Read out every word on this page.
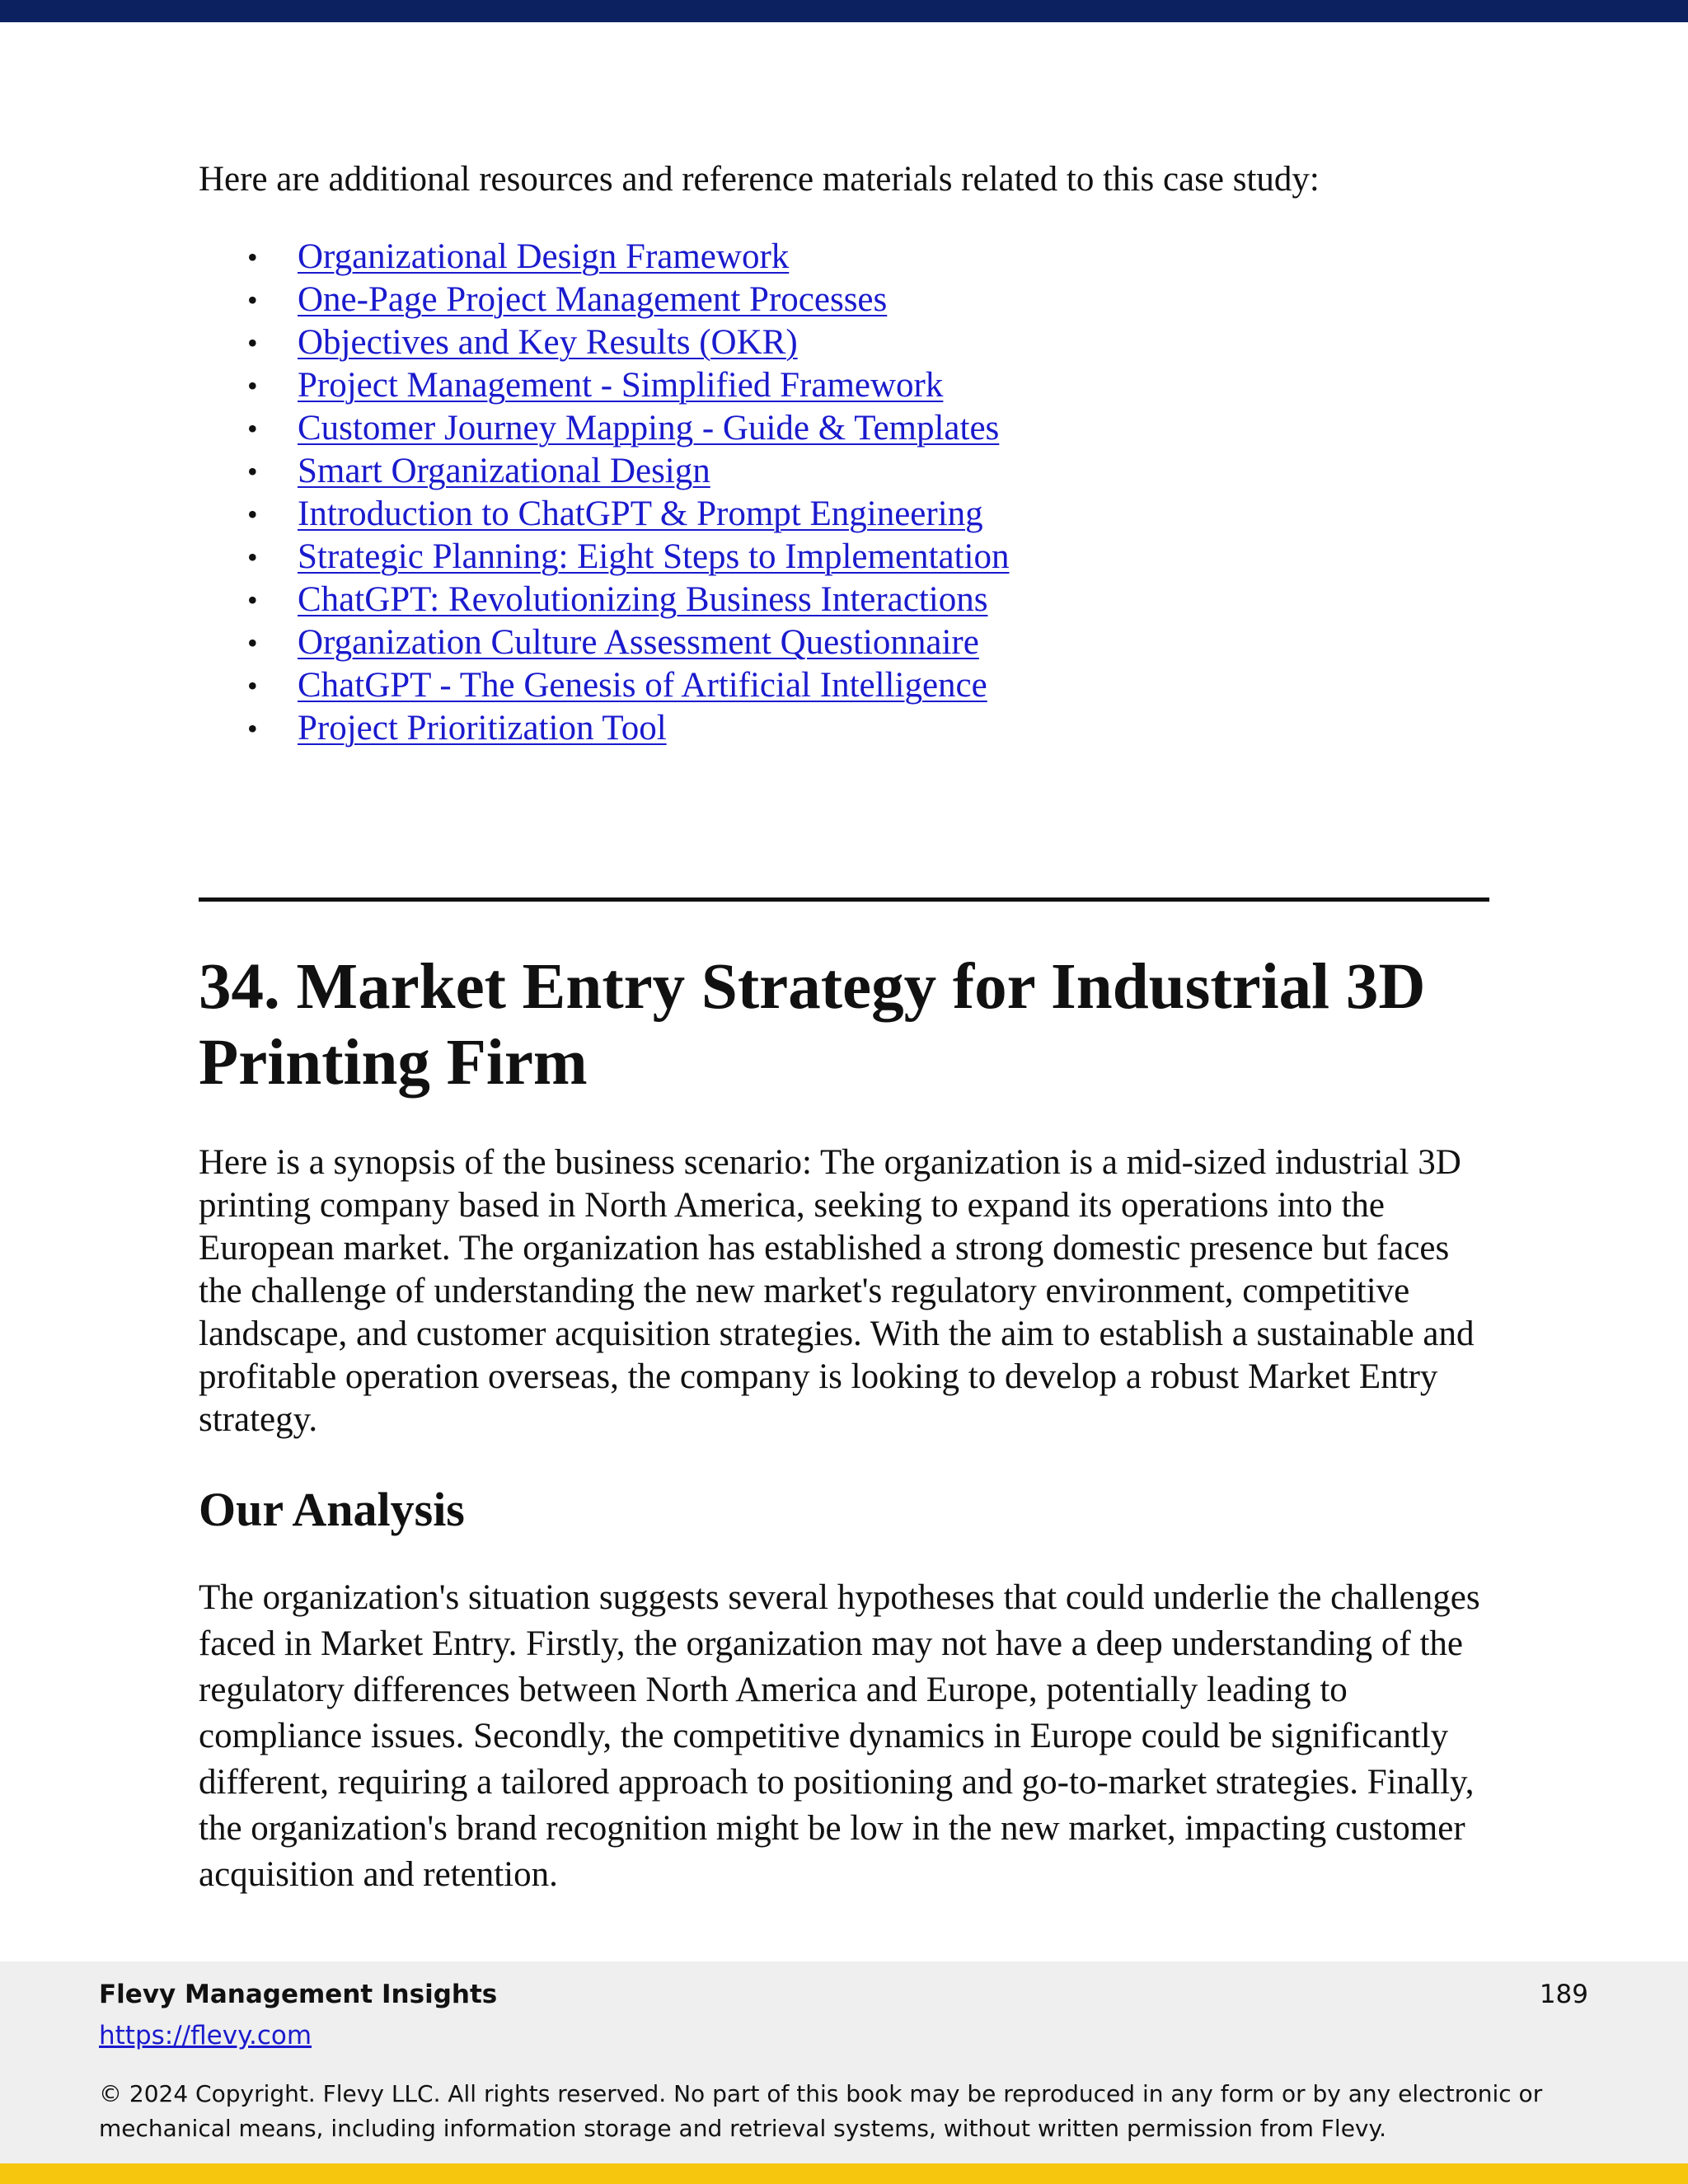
Here are additional resources and reference materials related to this case study:

• Organizational Design Framework
• One-Page Project Management Processes
• Objectives and Key Results (OKR)
• Project Management - Simplified Framework
• Customer Journey Mapping - Guide & Templates
• Smart Organizational Design
• Introduction to ChatGPT & Prompt Engineering
• Strategic Planning: Eight Steps to Implementation
• ChatGPT: Revolutionizing Business Interactions
• Organization Culture Assessment Questionnaire
• ChatGPT - The Genesis of Artificial Intelligence
• Project Prioritization Tool
34. Market Entry Strategy for Industrial 3D Printing Firm

Here is a synopsis of the business scenario: The organization is a mid-sized industrial 3D printing company based in North America, seeking to expand its operations into the European market. The organization has established a strong domestic presence but faces the challenge of understanding the new market's regulatory environment, competitive landscape, and customer acquisition strategies. With the aim to establish a sustainable and profitable operation overseas, the company is looking to develop a robust Market Entry strategy.

Our Analysis

The organization's situation suggests several hypotheses that could underlie the challenges faced in Market Entry. Firstly, the organization may not have a deep understanding of the regulatory differences between North America and Europe, potentially leading to compliance issues. Secondly, the competitive dynamics in Europe could be significantly different, requiring a tailored approach to positioning and go-to-market strategies. Finally, the organization's brand recognition might be low in the new market, impacting customer acquisition and retention.

Flevy Management Insights
https://flevy.com
189
© 2024 Copyright. Flevy LLC. All rights reserved. No part of this book may be reproduced in any form or by any electronic or mechanical means, including information storage and retrieval systems, without written permission from Flevy.
